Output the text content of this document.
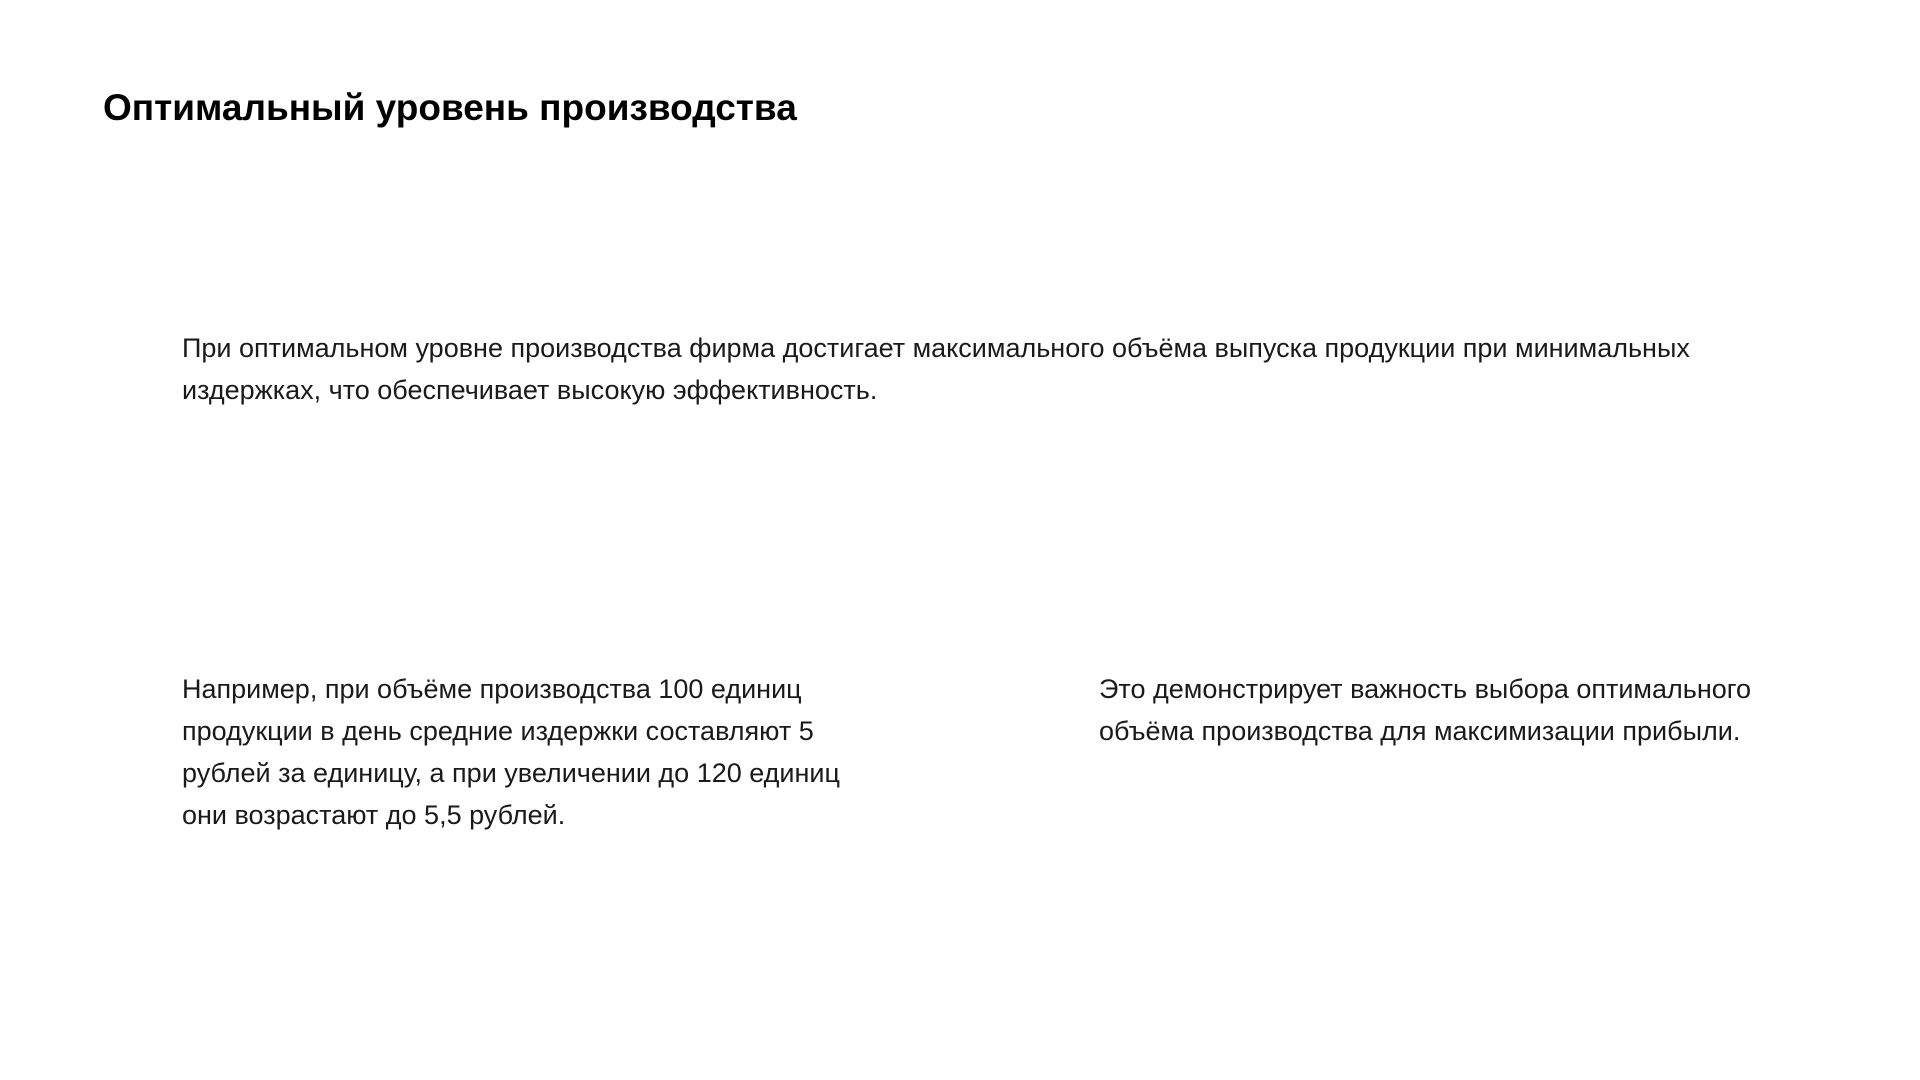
Оптимальный уровень производства

При оптимальном уровне производства фирма достигает максимального объёма выпуска продукции при минимальных издержках, что обеспечивает высокую эффективность.

Например, при объёме производства 100 единиц продукции в день средние издержки составляют 5 рублей за единицу, а при увеличении до 120 единиц они возрастают до 5,5 рублей.

Это демонстрирует важность выбора оптимального объёма производства для максимизации прибыли.
